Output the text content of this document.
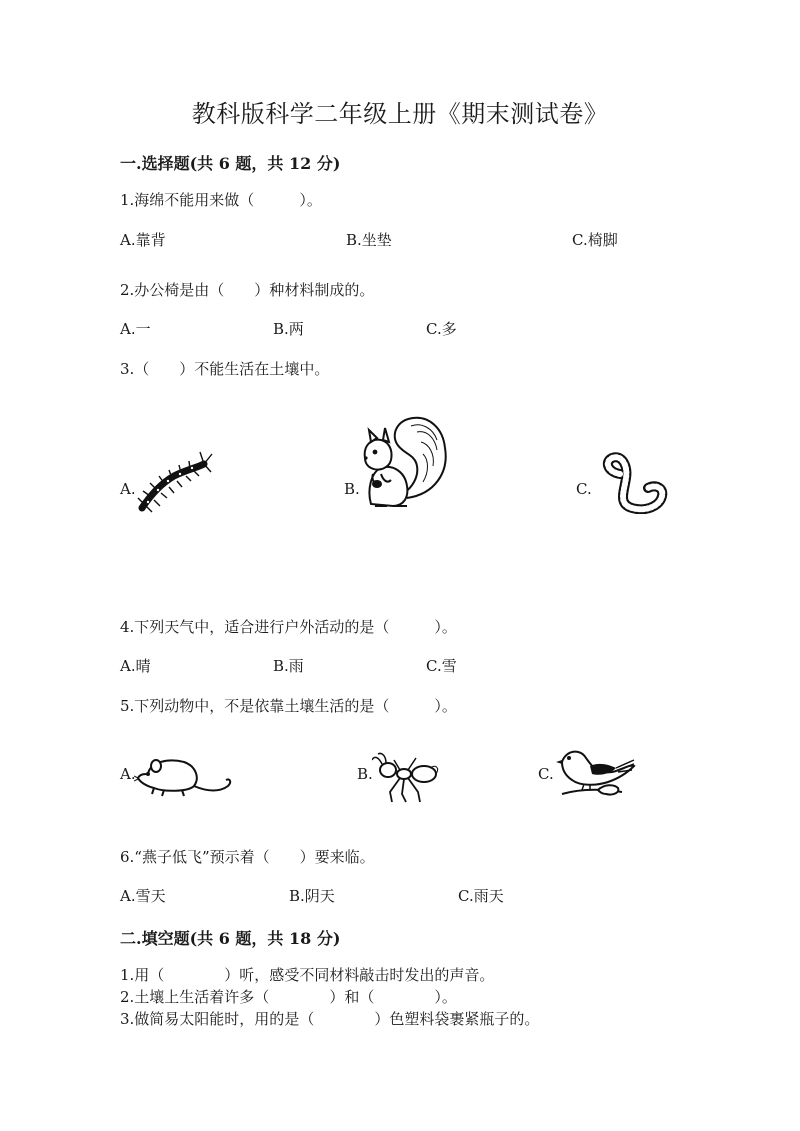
教科版科学二年级上册《期末测试卷》
一.选择题(共 6 题，共 12 分)
1.海绵不能用来做（　　　）。
A.靠背	B.坐垫	C.椅脚
2.办公椅是由（　　）种材料制成的。
A.一	B.两	C.多
3.（　　）不能生活在土壤中。
A.	B.	C.
4.下列天气中，适合进行户外活动的是（　　　）。
A.晴	B.雨	C.雪
5.下列动物中，不是依靠土壤生活的是（　　　）。
A.	B.	C.
6.“燕子低飞”预示着（　　）要来临。
A.雪天	B.阴天	C.雨天
二.填空题(共 6 题，共 18 分)
1.用（　　　　）听，感受不同材料敲击时发出的声音。
2.土壤上生活着许多（　　　　）和（　　　　）。
3.做简易太阳能时，用的是（　　　　）色塑料袋裹紧瓶子的。
